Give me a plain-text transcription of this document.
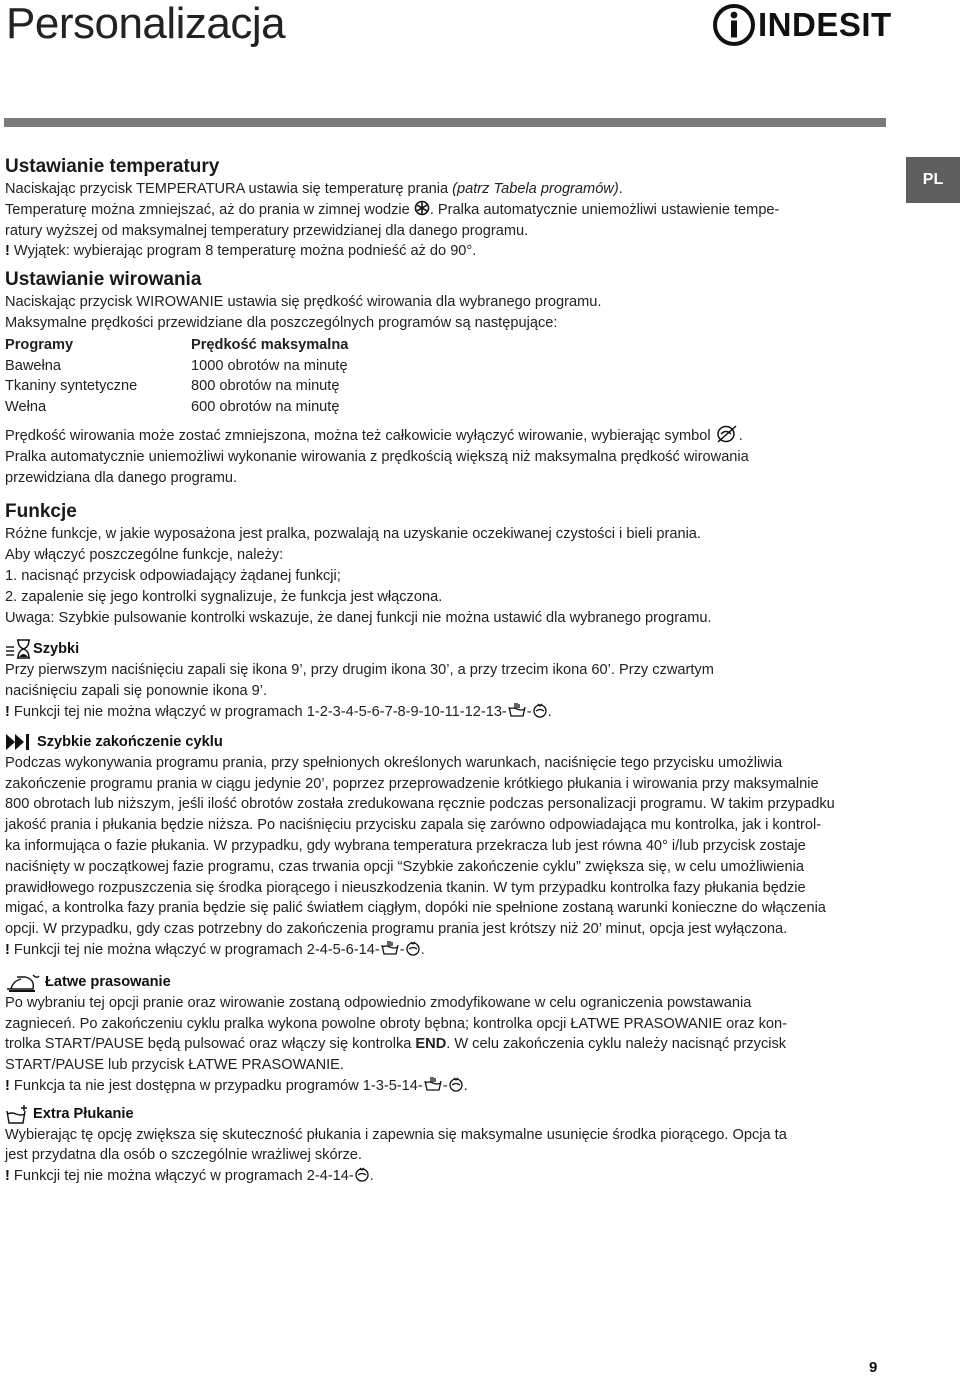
Personalizacja	INDESIT
PL
Ustawianie temperatury

Naciskając przycisk TEMPERATURA ustawia się temperaturę prania (patrz Tabela programów).

Temperaturę można zmniejszać, aż do prania w zimnej wodzie . Pralka automatycznie uniemożliwi ustawienie tempe-

ratury wyższej od maksymalnej temperatury przewidzianej dla danego programu.

! Wyjątek: wybierając program 8 temperaturę można podnieść aż do 90°.

Ustawianie wirowania

Naciskając przycisk WIROWANIE ustawia się prędkość wirowania dla wybranego programu.

Maksymalne prędkości przewidziane dla poszczególnych programów są następujące:

Programy	Prędkość maksymalna
Bawełna	1000 obrotów na minutę
Tkaniny syntetyczne	800 obrotów na minutę
Wełna	600 obrotów na minutę

Prędkość wirowania może zostać zmniejszona, można też całkowicie wyłączyć wirowanie, wybierając symbol .

Pralka automatycznie uniemożliwi wykonanie wirowania z prędkością większą niż maksymalna prędkość wirowania

przewidziana dla danego programu.

Funkcje

Różne funkcje, w jakie wyposażona jest pralka, pozwalają na uzyskanie oczekiwanej czystości i bieli prania.

Aby włączyć poszczególne funkcje, należy:

1. nacisnąć przycisk odpowiadający żądanej funkcji;

2. zapalenie się jego kontrolki sygnalizuje, że funkcja jest włączona.

Uwaga: Szybkie pulsowanie kontrolki wskazuje, że danej funkcji nie można ustawić dla wybranego programu.

Szybki

Przy pierwszym naciśnięciu zapali się ikona 9’, przy drugim ikona 30’, a przy trzecim ikona 60’. Przy czwartym

naciśnięciu zapali się ponownie ikona 9’.

! Funkcji tej nie można włączyć w programach 1-2-3-4-5-6-7-8-9-10-11-12-13- - .

Szybkie zakończenie cyklu

Podczas wykonywania programu prania, przy spełnionych określonych warunkach, naciśnięcie tego przycisku umożliwia

zakończenie programu prania w ciągu jedynie 20’, poprzez przeprowadzenie krótkiego płukania i wirowania przy maksymalnie

800 obrotach lub niższym, jeśli ilość obrotów została zredukowana ręcznie podczas personalizacji programu. W takim przypadku

jakość prania i płukania będzie niższa. Po naciśnięciu przycisku zapala się zarówno odpowiadająca mu kontrolka, jak i kontrol-

ka informująca o fazie płukania. W przypadku, gdy wybrana temperatura przekracza lub jest równa 40° i/lub przycisk zostaje

naciśnięty w początkowej fazie programu, czas trwania opcji “Szybkie zakończenie cyklu” zwiększa się, w celu umożliwienia

prawidłowego rozpuszczenia się środka piorącego i nieuszkodzenia tkanin. W tym przypadku kontrolka fazy płukania będzie

migać, a kontrolka fazy prania będzie się palić światłem ciągłym, dopóki nie spełnione zostaną warunki konieczne do włączenia

opcji. W przypadku, gdy czas potrzebny do zakończenia programu prania jest krótszy niż 20’ minut, opcja jest wyłączona.

! Funkcji tej nie można włączyć w programach 2-4-5-6-14- - .

Łatwe prasowanie

Po wybraniu tej opcji pranie oraz wirowanie zostaną odpowiednio zmodyfikowane w celu ograniczenia powstawania

zagnieceń. Po zakończeniu cyklu pralka wykona powolne obroty bębna; kontrolka opcji ŁATWE PRASOWANIE oraz kon-

trolka START/PAUSE będą pulsować oraz włączy się kontrolka END. W celu zakończenia cyklu należy nacisnąć przycisk

START/PAUSE lub przycisk ŁATWE PRASOWANIE.

! Funkcja ta nie jest dostępna w przypadku programów 1-3-5-14- - .

Extra Płukanie

Wybierając tę opcję zwiększa się skuteczność płukania i zapewnia się maksymalne usunięcie środka piorącego. Opcja ta

jest przydatna dla osób o szczególnie wrażliwej skórze.

! Funkcji tej nie można włączyć w programach 2-4-14- .

9
